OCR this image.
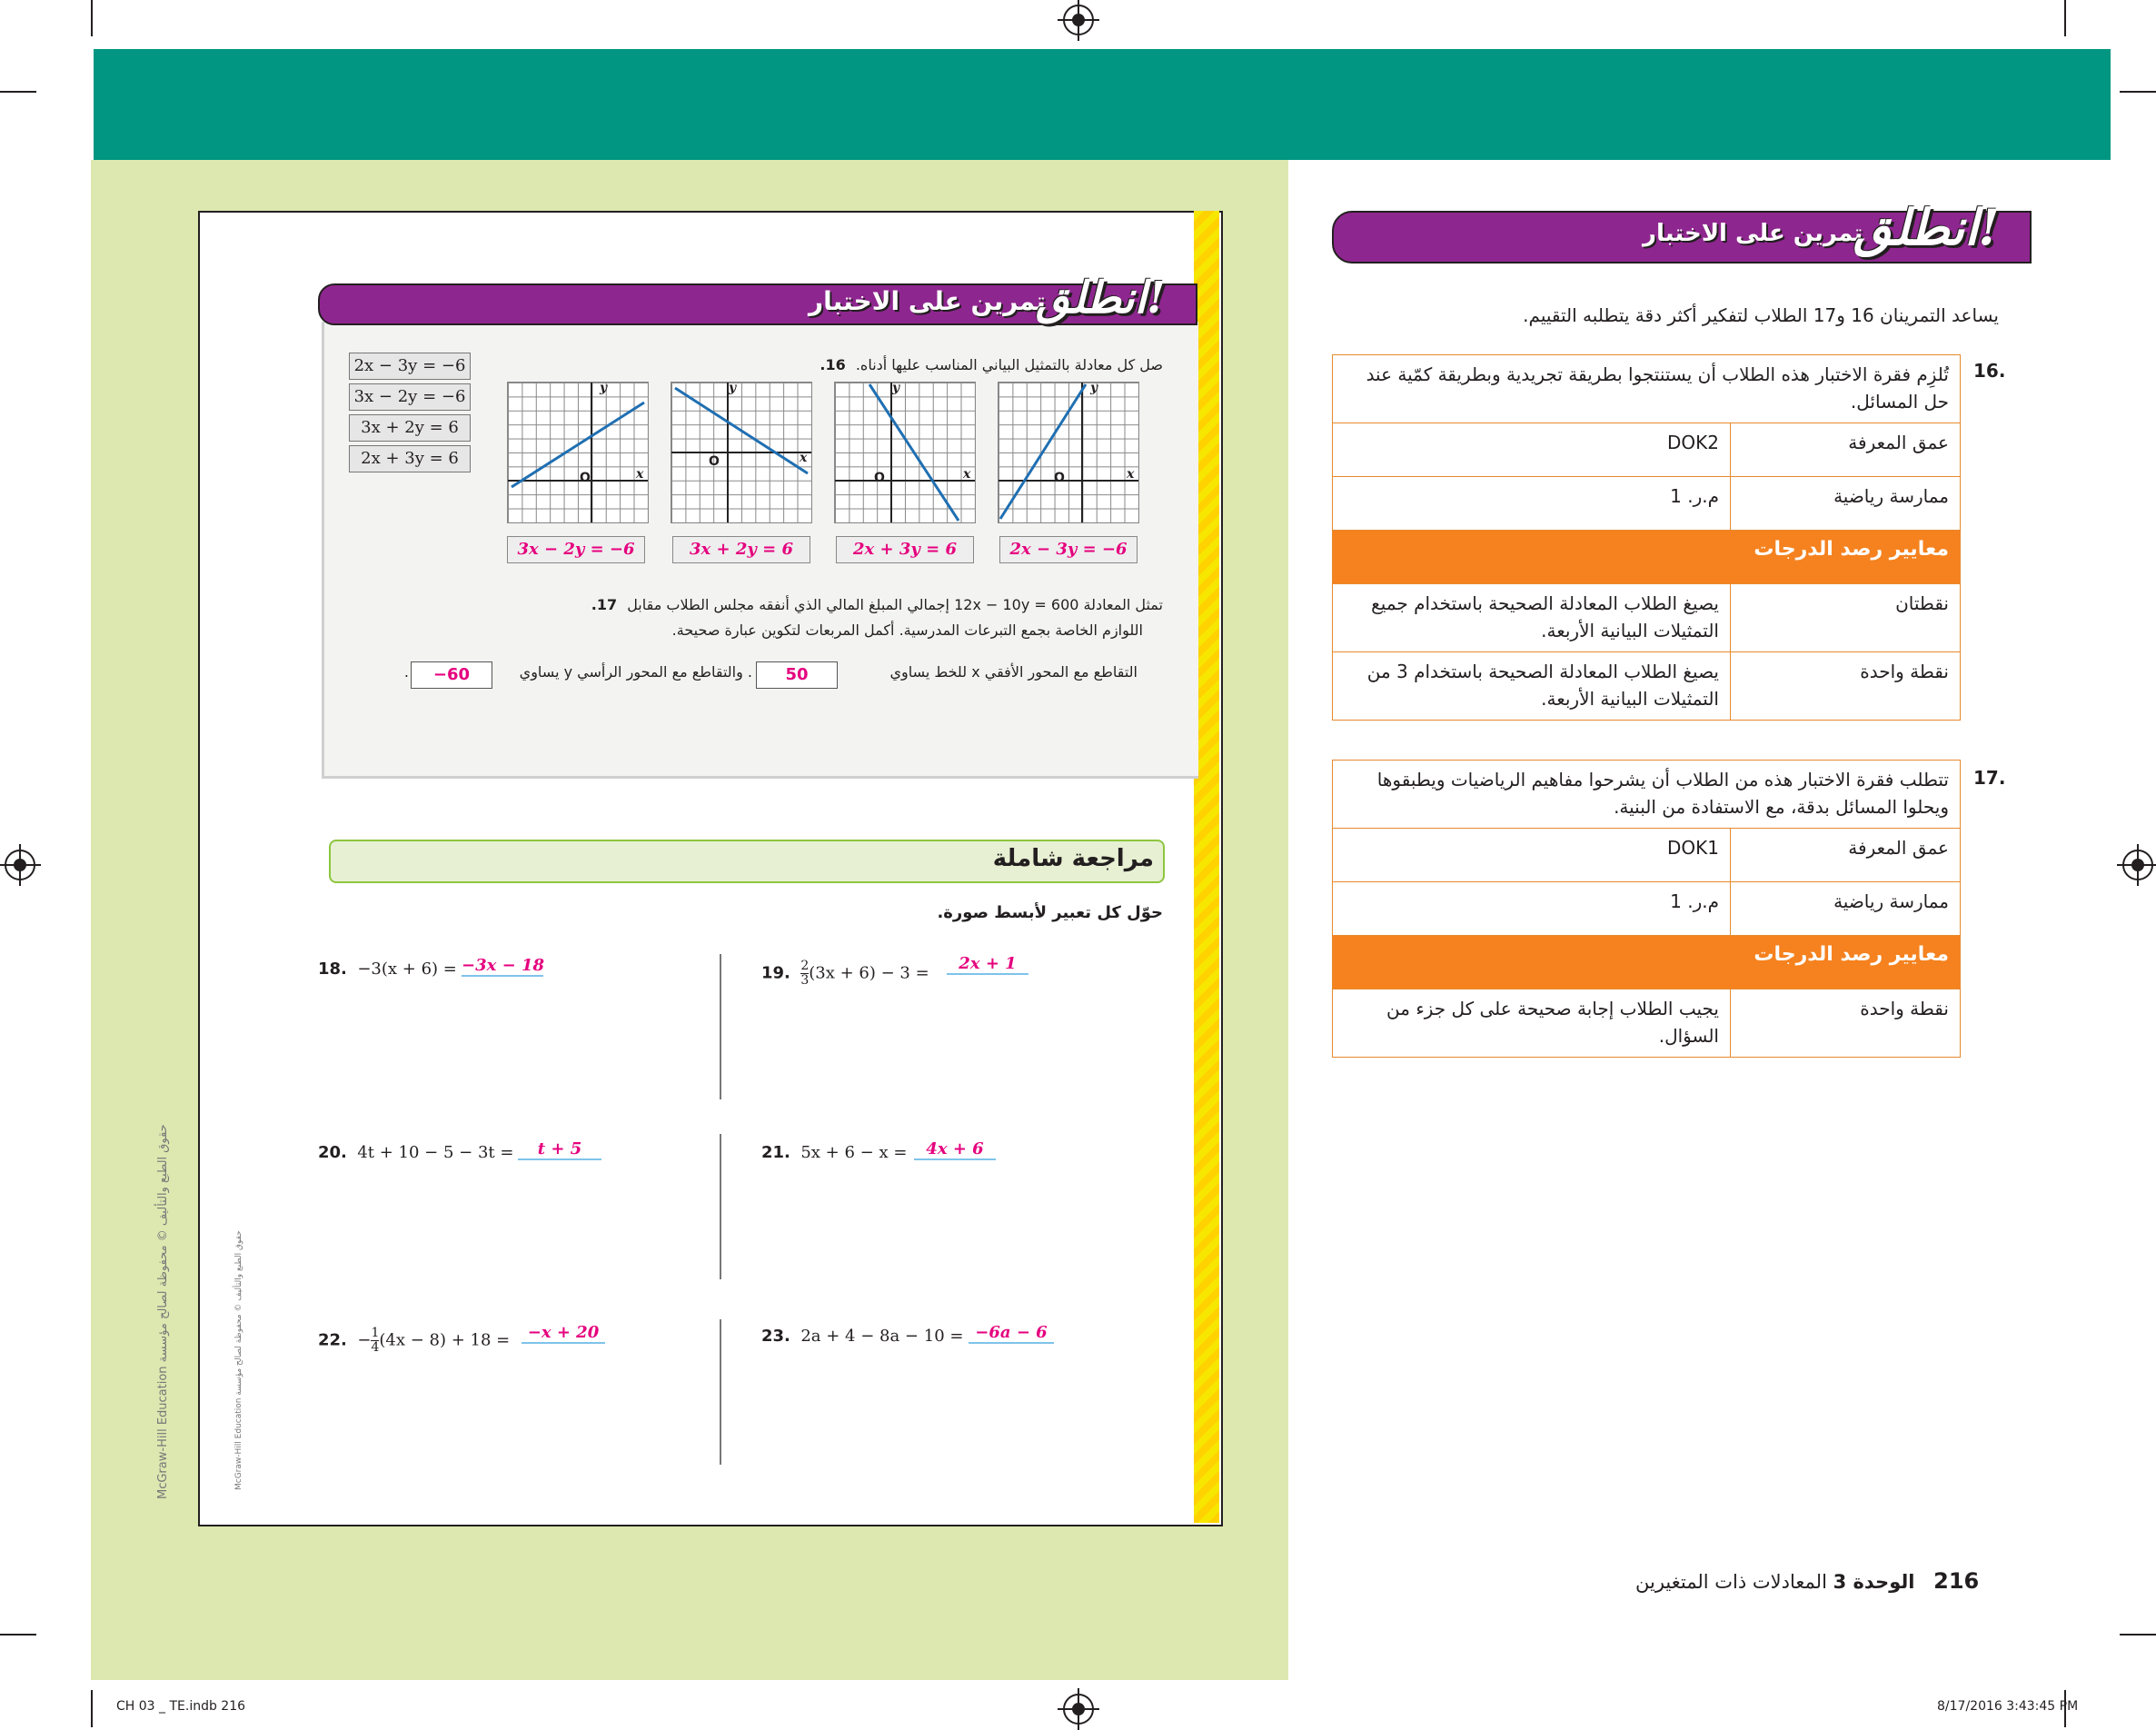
تمرين على الاختبار
انطلق!
صل كل معادلة بالتمثيل البياني المناسب عليها أدناه. 16.
2x − 3y = −6
3x − 2y = −6
3x + 2y = 6
2x + 3y = 6
y
x
O
y
x
O
y
x
O
y
x
O
3x − 2y = −6	3x + 2y = 6	2x + 3y = 6	2x − 3y = −6
تمثل المعادلة 600 = 12x − 10y إجمالي المبلغ المالي الذي أنفقه مجلس الطلاب مقابل 17.
اللوازم الخاصة بجمع التبرعات المدرسية. أكمل المربعات لتكوين عبارة صحيحة.
التقاطع مع المحور الأفقي x للخط يساوي
50
. والتقاطع مع المحور الرأسي y يساوي
−60
.
مراجعة شاملة
حوّل كل تعبير لأبسط صورة.
18. −3(x + 6) = −3x − 18	19. $\frac{2}{3} (3x + 6) - 3$ =	2x + 1
20. 4t + 10 − 5 − 3t =	t + 5	21. 5x + 6 − x =	4x + 6
22. − $\frac{1}{4} (4x - 8) + 18$ =	−x + 20	23. 2a + 4 − 8a − 10 = −6a − 6
McGraw-Hill Education حقوق الطبع والتأليف © محفوظة لصالح مؤسسة
McGraw-Hill Education حقوق الطبع والتأليف © محفوظة لصالح مؤسسة
تمرين على الاختبار
انطلق!
يساعد التمرينان 16 و17 الطلاب لتفكير أكثر دقة يتطلبه التقييم.
16.
تُلزِم فقرة الاختبار هذه الطلاب أن يستنتجوا بطريقة تجريدية وبطريقة كمّية عند حل المسائل.	
عمق المعرفة	DOK2
ممارسة رياضية	م.ر. 1
معايير رصد الدرجات	
نقطتان	يصيغ الطلاب المعادلة الصحيحة باستخدام جميع التمثيلات البيانية الأربعة.
نقطة واحدة	يصيغ الطلاب المعادلة الصحيحة باستخدام 3 من التمثيلات البيانية الأربعة.
17.
تتطلب فقرة الاختبار هذه من الطلاب أن يشرحوا مفاهيم الرياضيات ويطبقوها ويحلوا المسائل بدقة، مع الاستفادة من البنية.	
عمق المعرفة	DOK1
ممارسة رياضية	م.ر. 1
معايير رصد الدرجات	
نقطة واحدة	يجيب الطلاب إجابة صحيحة على كل جزء من السؤال.
216 الوحدة 3 المعادلات ذات المتغيرين
CH 03 _ TE.indb 216	8/17/2016 3:43:45 PM
